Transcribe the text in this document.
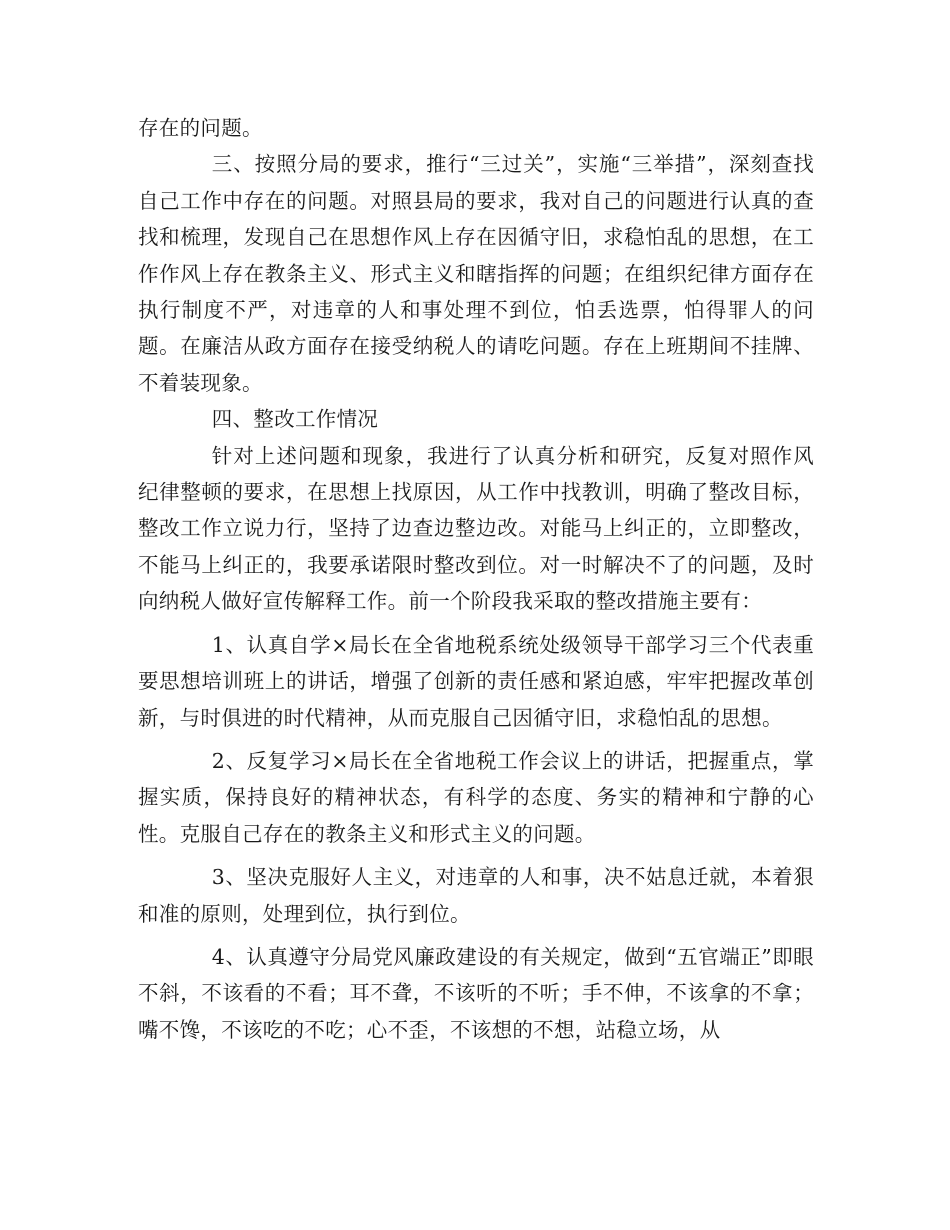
存在的问题。

三、按照分局的要求，推行“三过关”，实施“三举措”，深刻查找自己工作中存在的问题。对照县局的要求，我对自己的问题进行认真的查找和梳理，发现自己在思想作风上存在因循守旧，求稳怕乱的思想，在工作作风上存在教条主义、形式主义和瞎指挥的问题；在组织纪律方面存在执行制度不严，对违章的人和事处理不到位，怕丢选票，怕得罪人的问题。在廉洁从政方面存在接受纳税人的请吃问题。存在上班期间不挂牌、不着装现象。

四、整改工作情况

针对上述问题和现象，我进行了认真分析和研究，反复对照作风纪律整顿的要求，在思想上找原因，从工作中找教训，明确了整改目标，整改工作立说力行，坚持了边查边整边改。对能马上纠正的，立即整改，不能马上纠正的，我要承诺限时整改到位。对一时解决不了的问题，及时向纳税人做好宣传解释工作。前一个阶段我采取的整改措施主要有：

1、认真自学×局长在全省地税系统处级领导干部学习三个代表重要思想培训班上的讲话，增强了创新的责任感和紧迫感，牢牢把握改革创新，与时俱进的时代精神，从而克服自己因循守旧，求稳怕乱的思想。

2、反复学习×局长在全省地税工作会议上的讲话，把握重点，掌握实质，保持良好的精神状态，有科学的态度、务实的精神和宁静的心性。克服自己存在的教条主义和形式主义的问题。

3、坚决克服好人主义，对违章的人和事，决不姑息迁就，本着狠和准的原则，处理到位，执行到位。

4、认真遵守分局党风廉政建设的有关规定，做到“五官端正”即眼不斜，不该看的不看；耳不聋，不该听的不听；手不伸，不该拿的不拿；嘴不馋，不该吃的不吃；心不歪，不该想的不想，站稳立场，从
